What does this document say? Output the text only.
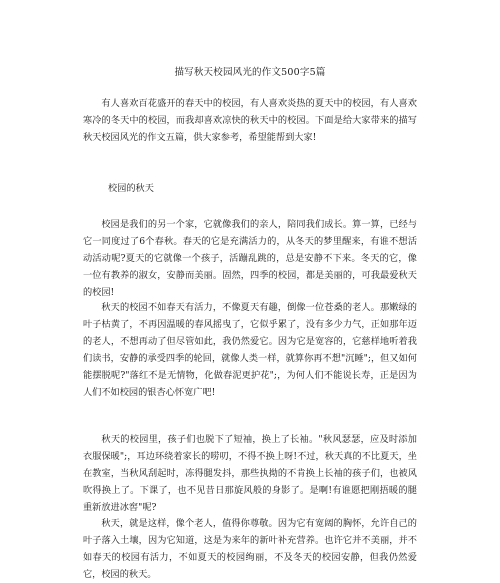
描写秋天校园风光的作文500字5篇

有人喜欢百花盛开的春天中的校园，有人喜欢炎热的夏天中的校园，有人喜欢寒冷的冬天中的校园，而我却喜欢凉快的秋天中的校园。下面是给大家带来的描写秋天校园风光的作文五篇，供大家参考，希望能帮到大家!

校园的秋天

校园是我们的另一个家，它就像我们的亲人，陪同我们成长。算一算，已经与它一同度过了6个春秋。春天的它是充满活力的，从冬天的梦里醒来，有谁不想活动活动呢?夏天的它就像一个孩子，活蹦乱跳的，总是安静不下来。冬天的它，像一位有教养的淑女，安静而美丽。固然，四季的校园，都是美丽的，可我最爱秋天的校园!

秋天的校园不如春天有活力，不像夏天有趣，倒像一位苍桑的老人。那嫩绿的叶子枯黄了，不再因温暖的春风摇曳了，它似乎累了，没有多少力气，正如那年迈的老人，不想再动了但尽管如此，我仍然爱它。因为它是宽容的，它慈样地听着我们读书，安静的承受四季的轮回，就像人类一样，就算你再不想"沉睡";，但又如何能摆脱呢?"落红不是无情物，化做春泥更护花";，为何人们不能说长寿，正是因为人们不如校园的银杏心怀宽广吧!

秋天的校园里，孩子们也脱下了短袖，换上了长袖。"秋风瑟瑟，应及时添加衣服保暖";，耳边环绕着家长的唠叨，不得不换上呀!不过，秋天真的不比夏天，坐在教室，当秋风刮起时，冻得腿发抖，那些执拗的不肯换上长袖的孩子们，也被风吹得换上了。下课了，也不见昔日那旋风般的身影了。是啊!有谁愿把刚捂暖的腿重新放进冰窖"呢?

秋天，就是这样，像个老人，值得你尊敬。因为它有宽阔的胸怀，允许自己的叶子落入土壤，因为它知道，这是为来年的新叶补充营养。也许它并不美丽，并不如春天的校园有活力，不如夏天的校园绚丽，不及冬天的校园安静，但我仍然爱它，校园的秋天。
